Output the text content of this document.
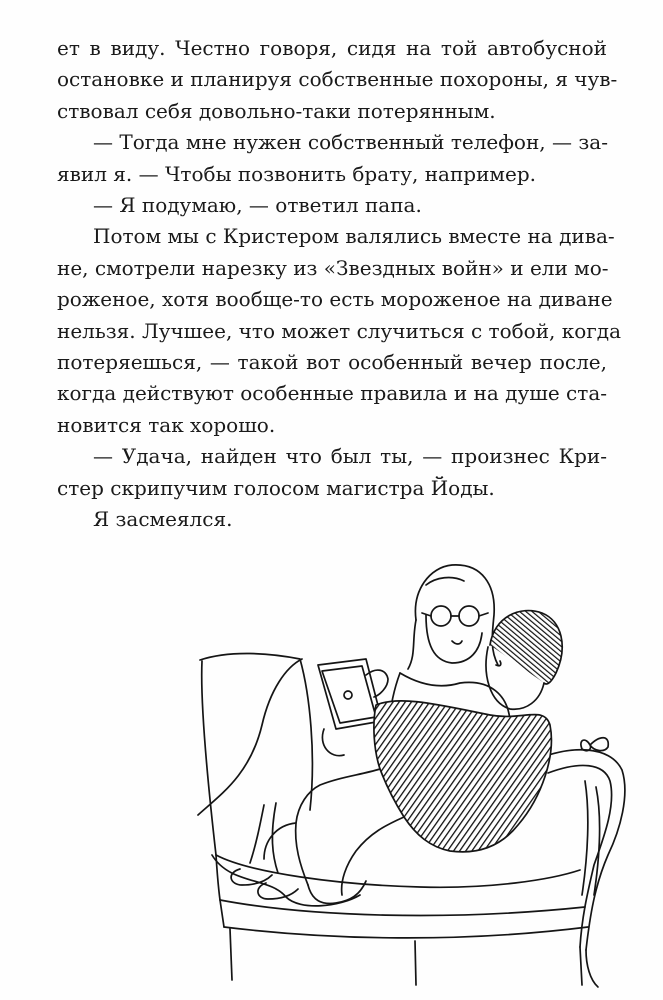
ет в виду. Честно говоря, сидя на той автобусной
остановке и планируя собственные похороны, я чув-
ствовал себя довольно-таки потерянным.
— Тогда мне нужен собственный телефон, — за-
явил я. — Чтобы позвонить брату, например.
— Я подумаю, — ответил папа.
Потом мы с Кристером валялись вместе на дива-
не, смотрели нарезку из «Звездных войн» и ели мо-
роженое, хотя вообще-то есть мороженое на диване
нельзя. Лучшее, что может случиться с тобой, когда
потеряешься, — такой вот особенный вечер после,
когда действуют особенные правила и на душе ста-
новится так хорошо.
— Удача, найден что был ты, — произнес Кри-
стер скрипучим голосом магистра Йоды.
Я засмеялся.
